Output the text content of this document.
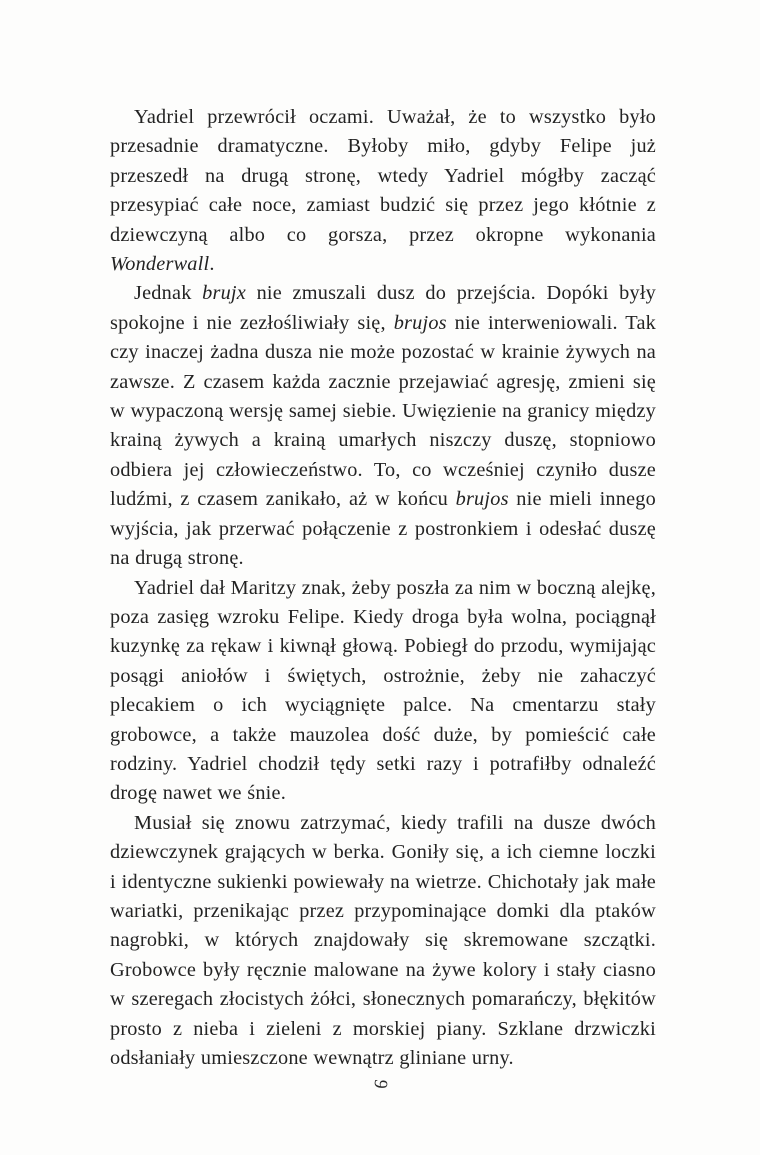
Yadriel przewrócił oczami. Uważał, że to wszystko było przesadnie dramatyczne. Byłoby miło, gdyby Felipe już przeszedł na drugą stronę, wtedy Yadriel mógłby zacząć przesypiać całe noce, zamiast budzić się przez jego kłótnie z dziewczyną albo co gorsza, przez okropne wykonania Wonderwall.

Jednak brujx nie zmuszali dusz do przejścia. Dopóki były spokojne i nie zezłośliwiały się, brujos nie interweniowali. Tak czy inaczej żadna dusza nie może pozostać w krainie żywych na zawsze. Z czasem każda zacznie przejawiać agresję, zmieni się w wypaczoną wersję samej siebie. Uwięzienie na granicy między krainą żywych a krainą umarłych niszczy duszę, stopniowo odbiera jej człowieczeństwo. To, co wcześniej czyniło dusze ludźmi, z czasem zanikało, aż w końcu brujos nie mieli innego wyjścia, jak przerwać połączenie z postronkiem i odesłać duszę na drugą stronę.

Yadriel dał Maritzy znak, żeby poszła za nim w boczną alejkę, poza zasięg wzroku Felipe. Kiedy droga była wolna, pociągnął kuzynkę za rękaw i kiwnął głową. Pobiegł do przodu, wymijając posągi aniołów i świętych, ostrożnie, żeby nie zahaczyć plecakiem o ich wyciągnięte palce. Na cmentarzu stały grobowce, a także mauzolea dość duże, by pomieścić całe rodziny. Yadriel chodził tędy setki razy i potrafiłby odnaleźć drogę nawet we śnie.

Musiał się znowu zatrzymać, kiedy trafili na dusze dwóch dziewczynek grających w berka. Goniły się, a ich ciemne loczki i identyczne sukienki powiewały na wietrze. Chichotały jak małe wariatki, przenikając przez przypominające domki dla ptaków nagrobki, w których znajdowały się skremowane szczątki. Grobowce były ręcznie malowane na żywe kolory i stały ciasno w szeregach złocistych żółci, słonecznych pomarańczy, błękitów prosto z nieba i zieleni z morskiej piany. Szklane drzwiczki odsłaniały umieszczone wewnątrz gliniane urny.

9
